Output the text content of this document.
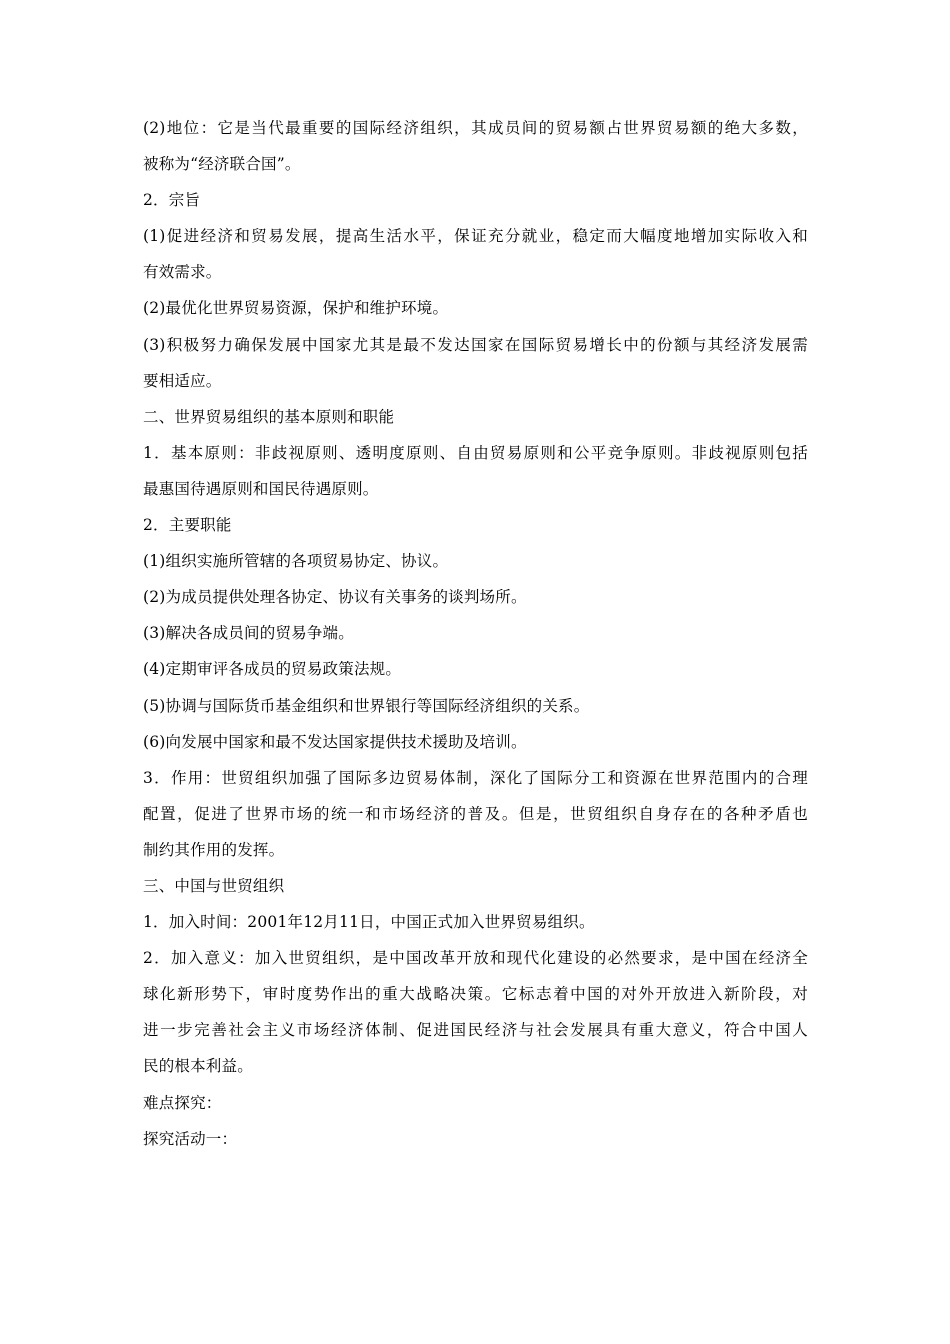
(2)地位：它是当代最重要的国际经济组织，其成员间的贸易额占世界贸易额的绝大多数，
被称为“经济联合国”。
2．宗旨
(1)促进经济和贸易发展，提高生活水平，保证充分就业，稳定而大幅度地增加实际收入和
有效需求。
(2)最优化世界贸易资源，保护和维护环境。
(3)积极努力确保发展中国家尤其是最不发达国家在国际贸易增长中的份额与其经济发展需
要相适应。
二、世界贸易组织的基本原则和职能
1．基本原则：非歧视原则、透明度原则、自由贸易原则和公平竞争原则。非歧视原则包括
最惠国待遇原则和国民待遇原则。
2．主要职能
(1)组织实施所管辖的各项贸易协定、协议。
(2)为成员提供处理各协定、协议有关事务的谈判场所。
(3)解决各成员间的贸易争端。
(4)定期审评各成员的贸易政策法规。
(5)协调与国际货币基金组织和世界银行等国际经济组织的关系。
(6)向发展中国家和最不发达国家提供技术援助及培训。
3．作用：世贸组织加强了国际多边贸易体制，深化了国际分工和资源在世界范围内的合理
配置，促进了世界市场的统一和市场经济的普及。但是，世贸组织自身存在的各种矛盾也
制约其作用的发挥。
三、中国与世贸组织
1．加入时间：2001年12月11日，中国正式加入世界贸易组织。
2．加入意义：加入世贸组织，是中国改革开放和现代化建设的必然要求，是中国在经济全
球化新形势下，审时度势作出的重大战略决策。它标志着中国的对外开放进入新阶段，对
进一步完善社会主义市场经济体制、促进国民经济与社会发展具有重大意义，符合中国人
民的根本利益。
难点探究：
探究活动一：
